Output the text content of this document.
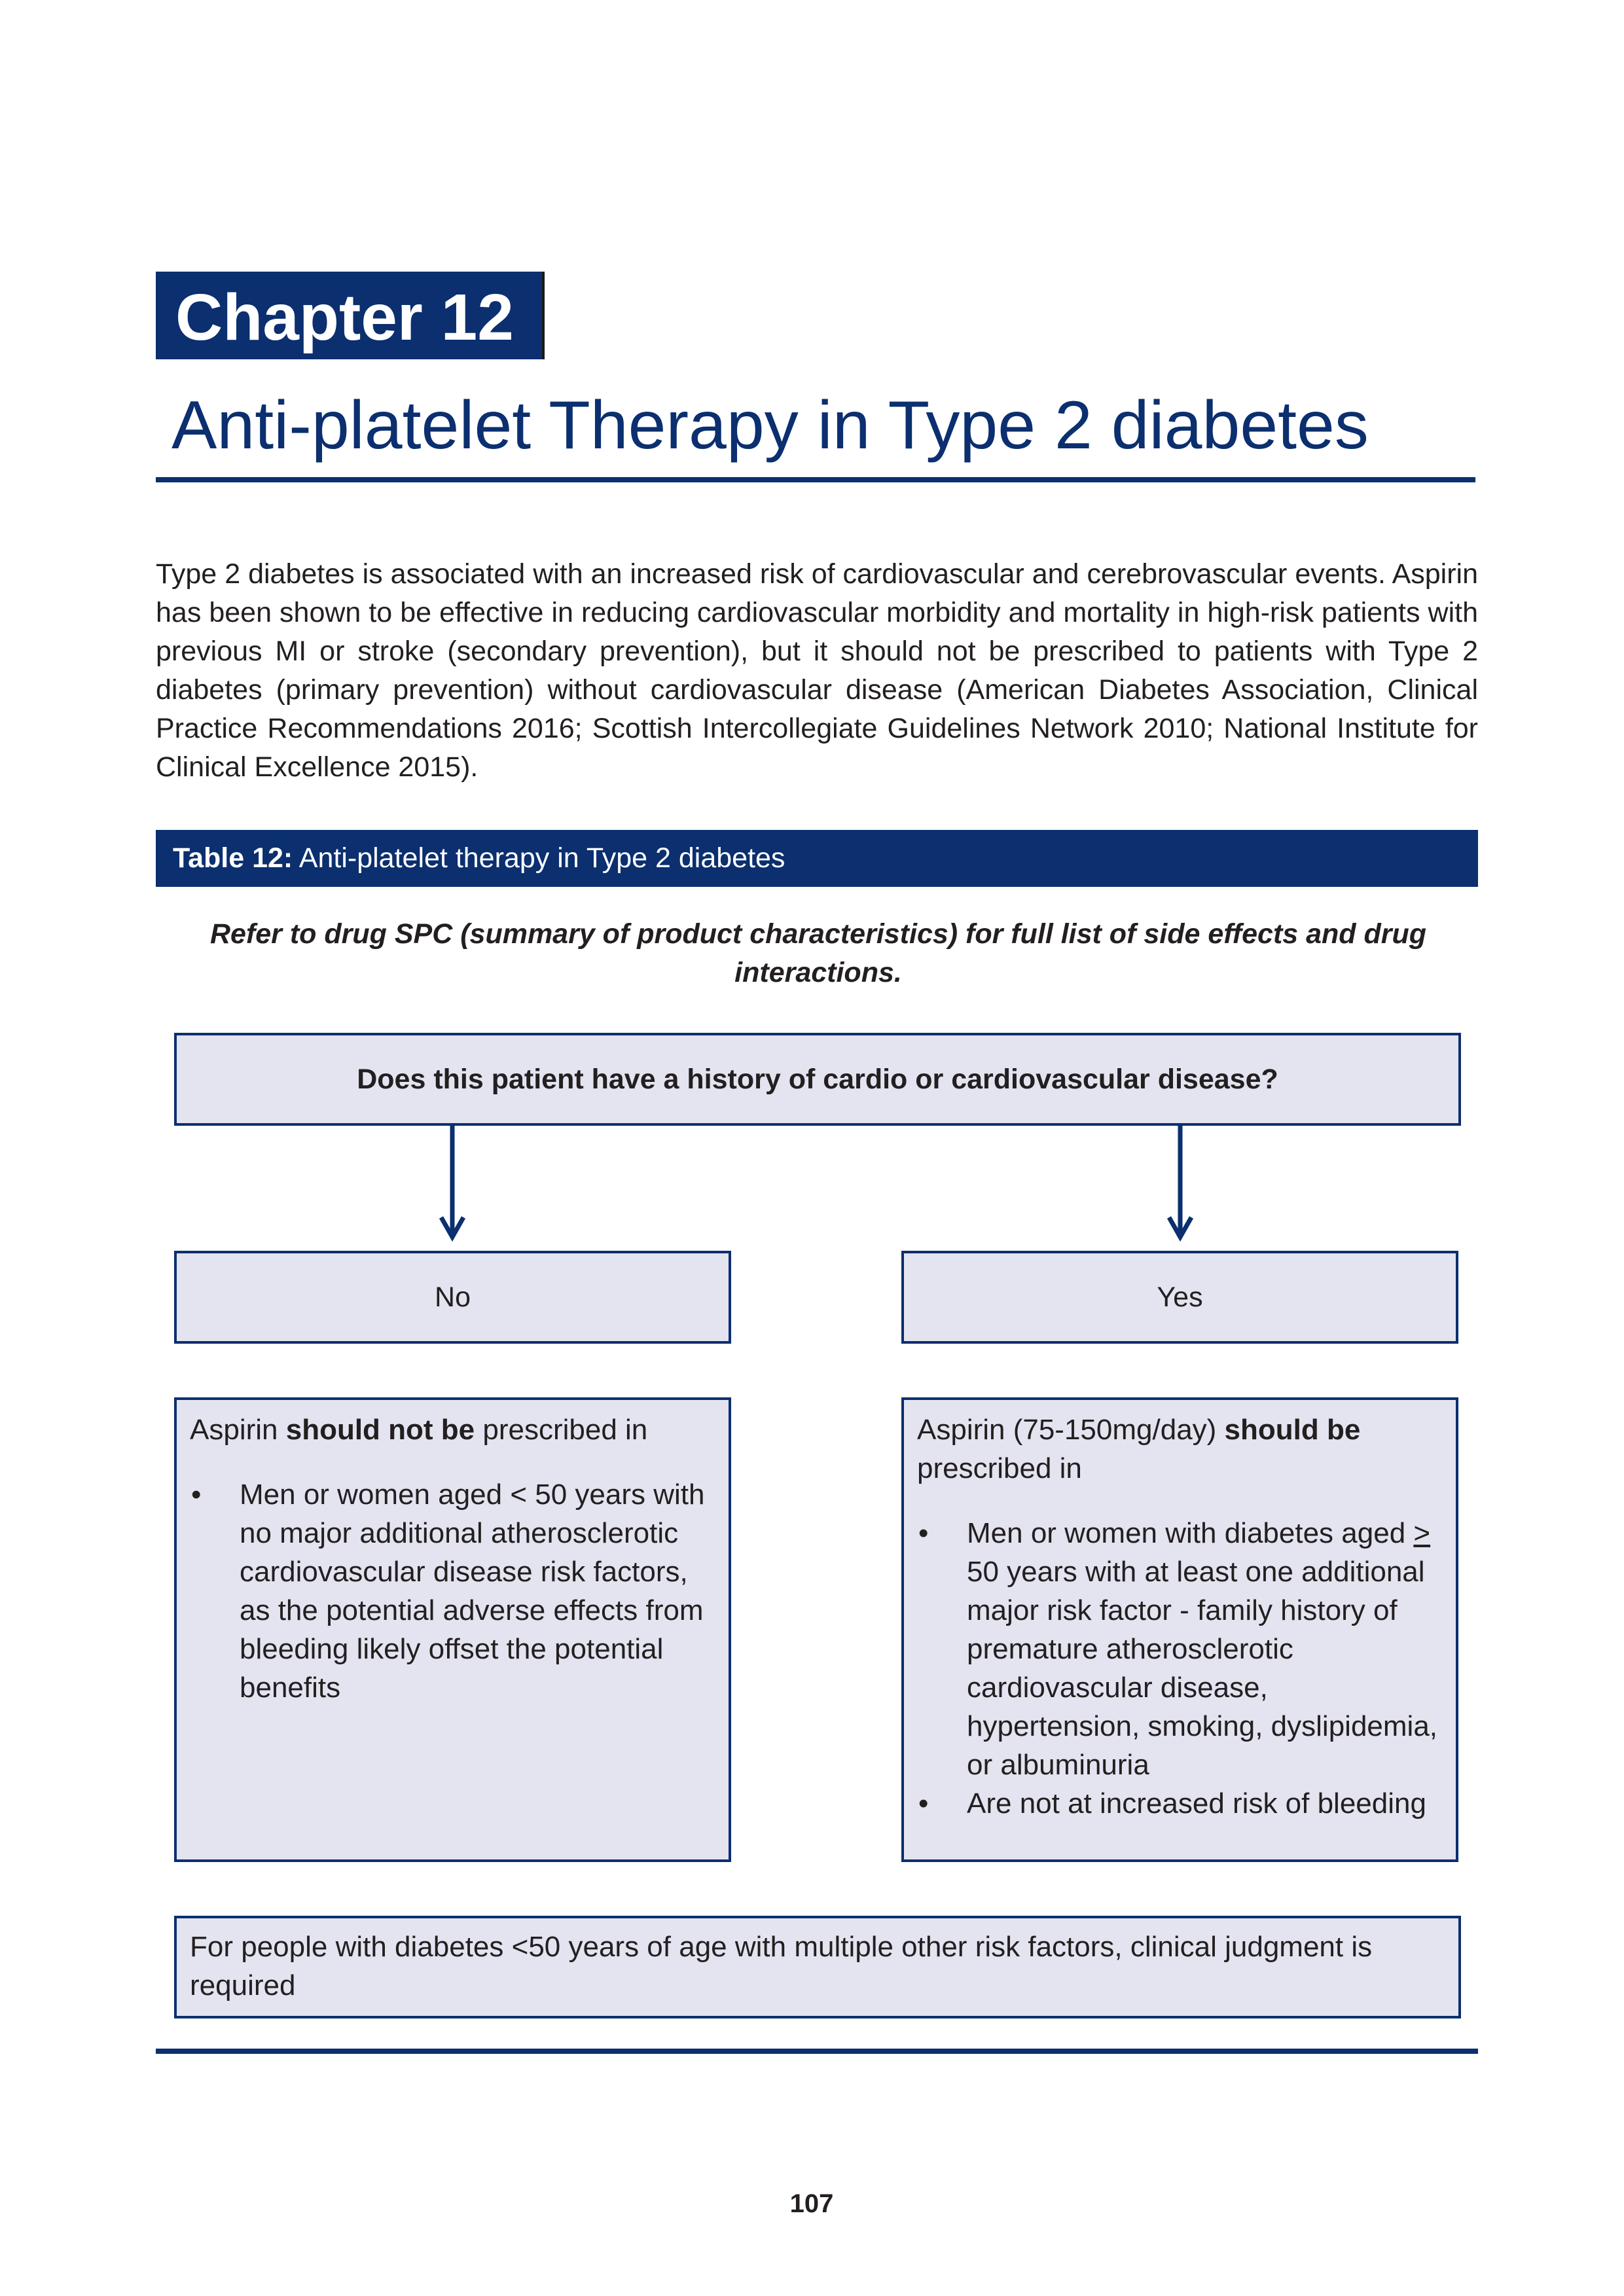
Chapter 12
Anti-platelet Therapy in Type 2 diabetes
Type 2 diabetes is associated with an increased risk of cardiovascular and cerebrovascular events. Aspirin has been shown to be effective in reducing cardiovascular morbidity and mortality in high-risk patients with previous MI or stroke (secondary prevention), but it should not be prescribed to patients with Type 2 diabetes (primary prevention) without cardiovascular disease (American Diabetes Association, Clinical Practice Recommendations 2016; Scottish Intercollegiate Guidelines Network 2010; National Institute for Clinical Excellence 2015).
Table 12: Anti-platelet therapy in Type 2 diabetes
Refer to drug SPC (summary of product characteristics) for full list of side effects and drug interactions.
Does this patient have a history of cardio or cardiovascular disease?
No	Yes
Aspirin should not be prescribed in
• Men or women aged < 50 years with no major additional atherosclerotic cardiovascular disease risk factors, as the potential adverse effects from bleeding likely offset the potential benefits
Aspirin (75-150mg/day) should be prescribed in
• Men or women with diabetes aged > 50 years with at least one additional major risk factor - family history of premature atherosclerotic cardiovascular disease, hypertension, smoking, dyslipidemia, or albuminuria
• Are not at increased risk of bleeding
For people with diabetes <50 years of age with multiple other risk factors, clinical judgment is required
107
